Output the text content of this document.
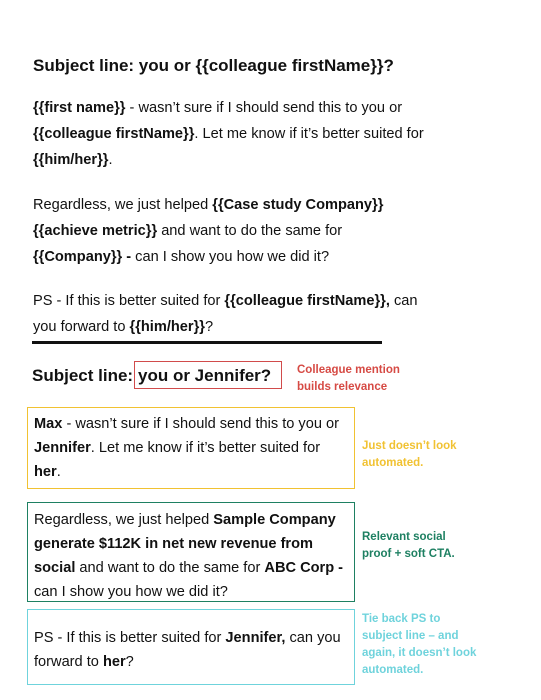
Subject line: you or {{colleague firstName}}?
{{first name}} - wasn’t sure if I should send this to you or
{{colleague firstName}}. Let me know if it’s better suited for
{{him/her}}.
Regardless, we just helped {{Case study Company}}
{{achieve metric}} and want to do the same for
{{Company}} - can I show you how we did it?
PS - If this is better suited for {{colleague firstName}}, can
you forward to {{him/her}}?
Subject line: you or Jennifer? Colleague mention
builds relevance
Max - wasn’t sure if I should send this to you or
Jennifer. Let me know if it’s better suited for
her.
Just doesn’t look
automated.
Regardless, we just helped Sample Company
generate $112K in net new revenue from
social and want to do the same for ABC Corp -
can I show you how we did it?
Relevant social
proof + soft CTA.
PS - If this is better suited for Jennifer, can you
forward to her?
Tie back PS to
subject line – and
again, it doesn’t look
automated.
